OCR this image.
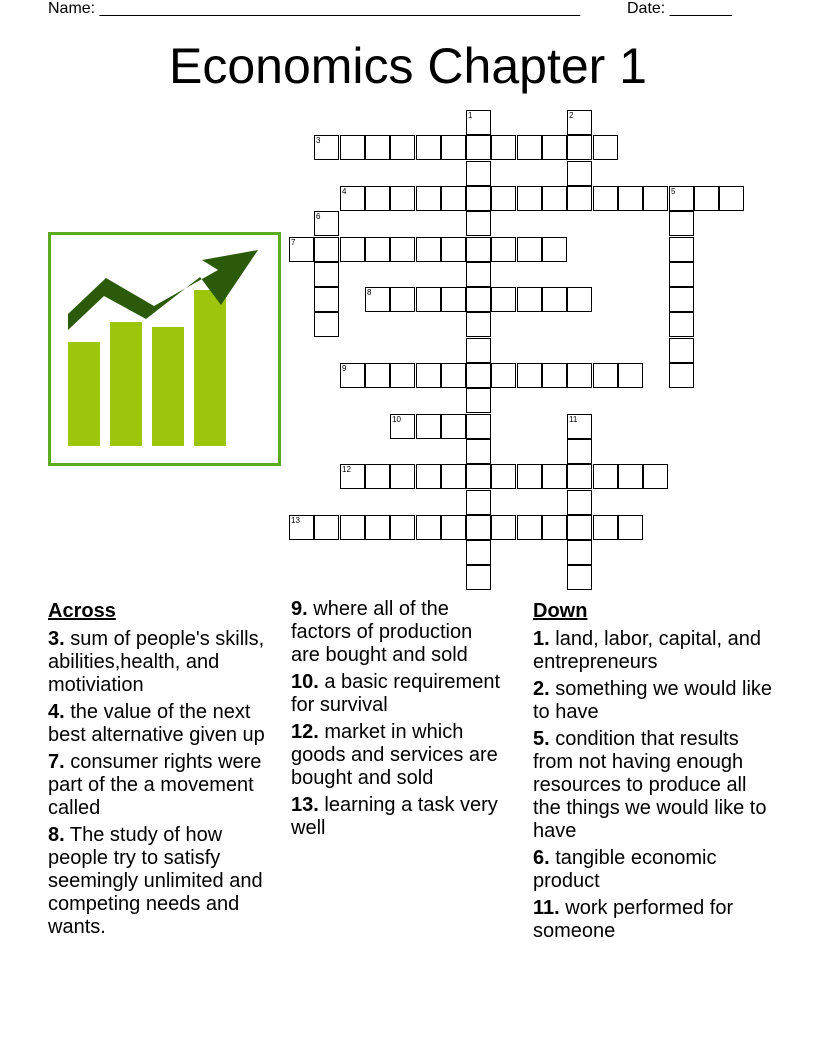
Name: ______________________________________________________	Date: _______
Economics Chapter 1
1	2
3
4	5
6
7
8
9
10	11
12
13
Across
3. sum of people's skills, abilities,health, and motiviation
4. the value of the next best alternative given up
7. consumer rights were part of the a movement called
8. The study of how people try to satisfy seemingly unlimited and competing needs and wants.
9. where all of the factors of production are bought and sold
10. a basic requirement for survival
12. market in which goods and services are bought and sold
13. learning a task very well
Down
1. land, labor, capital, and entrepreneurs
2. something we would like to have
5. condition that results from not having enough resources to produce all the things we would like to have
6. tangible economic product
11. work performed for someone
